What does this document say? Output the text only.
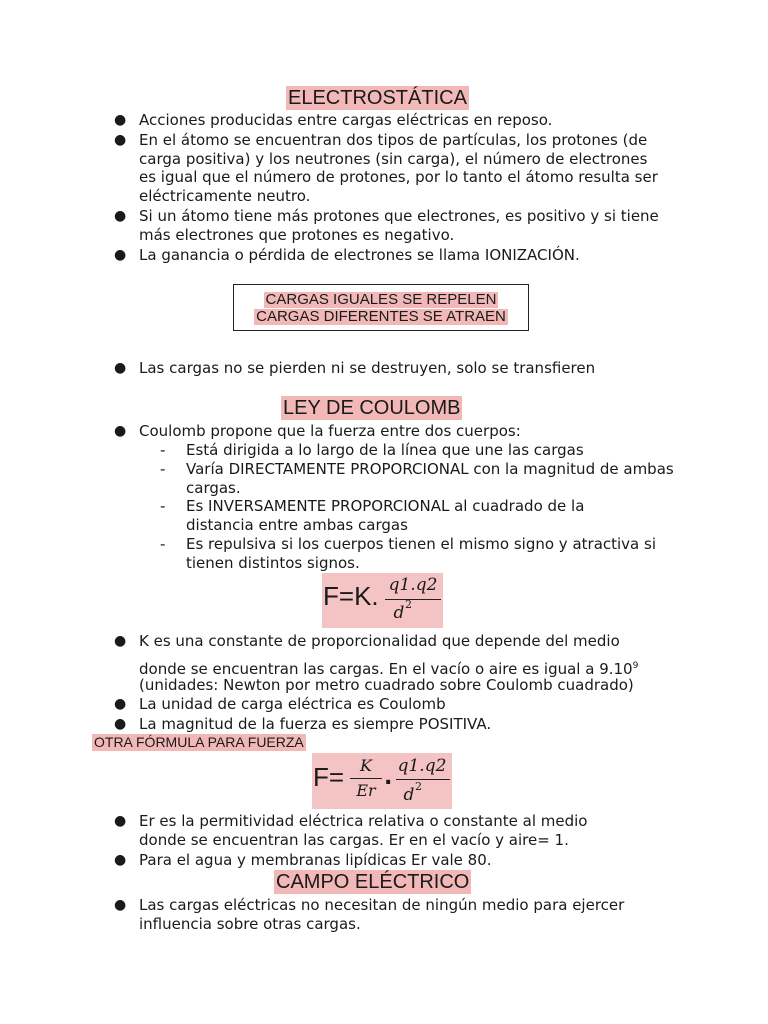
ELECTROSTÁTICA
● Acciones producidas entre cargas eléctricas en reposo.
● En el átomo se encuentran dos tipos de partículas, los protones (de carga positiva) y los neutrones (sin carga), el número de electrones es igual que el número de protones, por lo tanto el átomo resulta ser eléctricamente neutro.
● Si un átomo tiene más protones que electrones, es positivo y si tiene más electrones que protones es negativo.
● La ganancia o pérdida de electrones se llama IONIZACIÓN.
CARGAS IGUALES SE REPELEN
CARGAS DIFERENTES SE ATRAEN
● Las cargas no se pierden ni se destruyen, solo se transfieren
LEY DE COULOMB
● Coulomb propone que la fuerza entre dos cuerpos:
- Está dirigida a lo largo de la línea que une las cargas
- Varía DIRECTAMENTE PROPORCIONAL con la magnitud de ambas cargas.
- Es INVERSAMENTE PROPORCIONAL al cuadrado de la distancia entre ambas cargas
- Es repulsiva si los cuerpos tienen el mismo signo y atractiva si tienen distintos signos.
F=K. q1.q2
d 2
● K es una constante de proporcionalidad que depende del medio
donde se encuentran las cargas. En el vacío o aire es igual a 9.10$^9$
(unidades: Newton por metro cuadrado sobre Coulomb cuadrado)
● La unidad de carga eléctrica es Coulomb
● La magnitud de la fuerza es siempre POSITIVA.
OTRA FÓRMULA PARA FUERZA
F= K
Er
. q1.q2
d 2
● Er es la permitividad eléctrica relativa o constante al medio donde se encuentran las cargas. Er en el vacío y aire= 1.
● Para el agua y membranas lipídicas Er vale 80.
CAMPO ELÉCTRICO
● Las cargas eléctricas no necesitan de ningún medio para ejercer influencia sobre otras cargas.
